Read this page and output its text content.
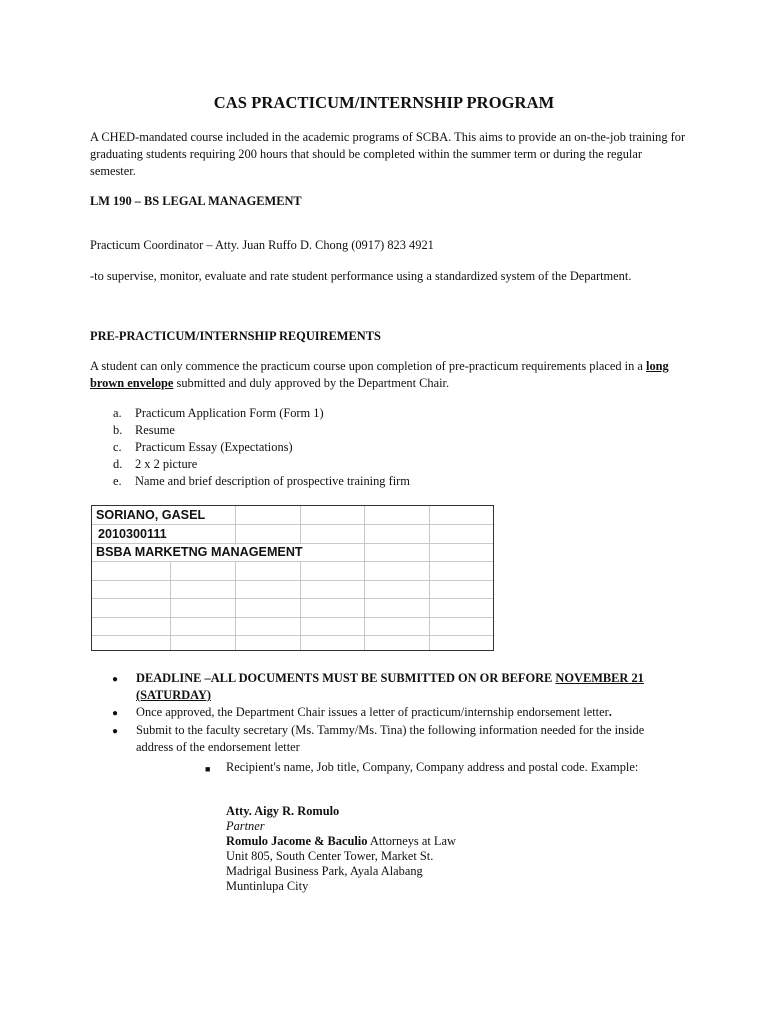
CAS PRACTICUM/INTERNSHIP PROGRAM
A CHED-mandated course included in the academic programs of SCBA. This aims to provide an on-the-job training for graduating students requiring 200 hours that should be completed within the summer term or during the regular semester.
LM 190 – BS LEGAL MANAGEMENT
Practicum Coordinator – Atty. Juan Ruffo D. Chong (0917) 823 4921
-to supervise, monitor, evaluate and rate student performance using a standardized system of the Department.
PRE-PRACTICUM/INTERNSHIP REQUIREMENTS
A student can only commence the practicum course upon completion of pre-practicum requirements placed in a long brown envelope submitted and duly approved by the Department Chair.
a.	Practicum Application Form (Form 1)
b.	Resume
c.	Practicum Essay (Expectations)
d.	2 x 2 picture
e.	Name and brief description of prospective training firm
SORIANO, GASEL
2010300111
BSBA MARKETNG MANAGEMENT
●	DEADLINE –ALL DOCUMENTS MUST BE SUBMITTED ON OR BEFORE NOVEMBER 21
(SATURDAY)
●	Once approved, the Department Chair issues a letter of practicum/internship endorsement letter.
●	Submit to the faculty secretary (Ms. Tammy/Ms. Tina) the following information needed for the inside address of the endorsement letter
■	Recipient's name, Job title, Company, Company address and postal code. Example:
Atty. Aigy R. Romulo
Partner
Romulo Jacome & Baculio Attorneys at Law
Unit 805, South Center Tower, Market St.
Madrigal Business Park, Ayala Alabang
Muntinlupa City
